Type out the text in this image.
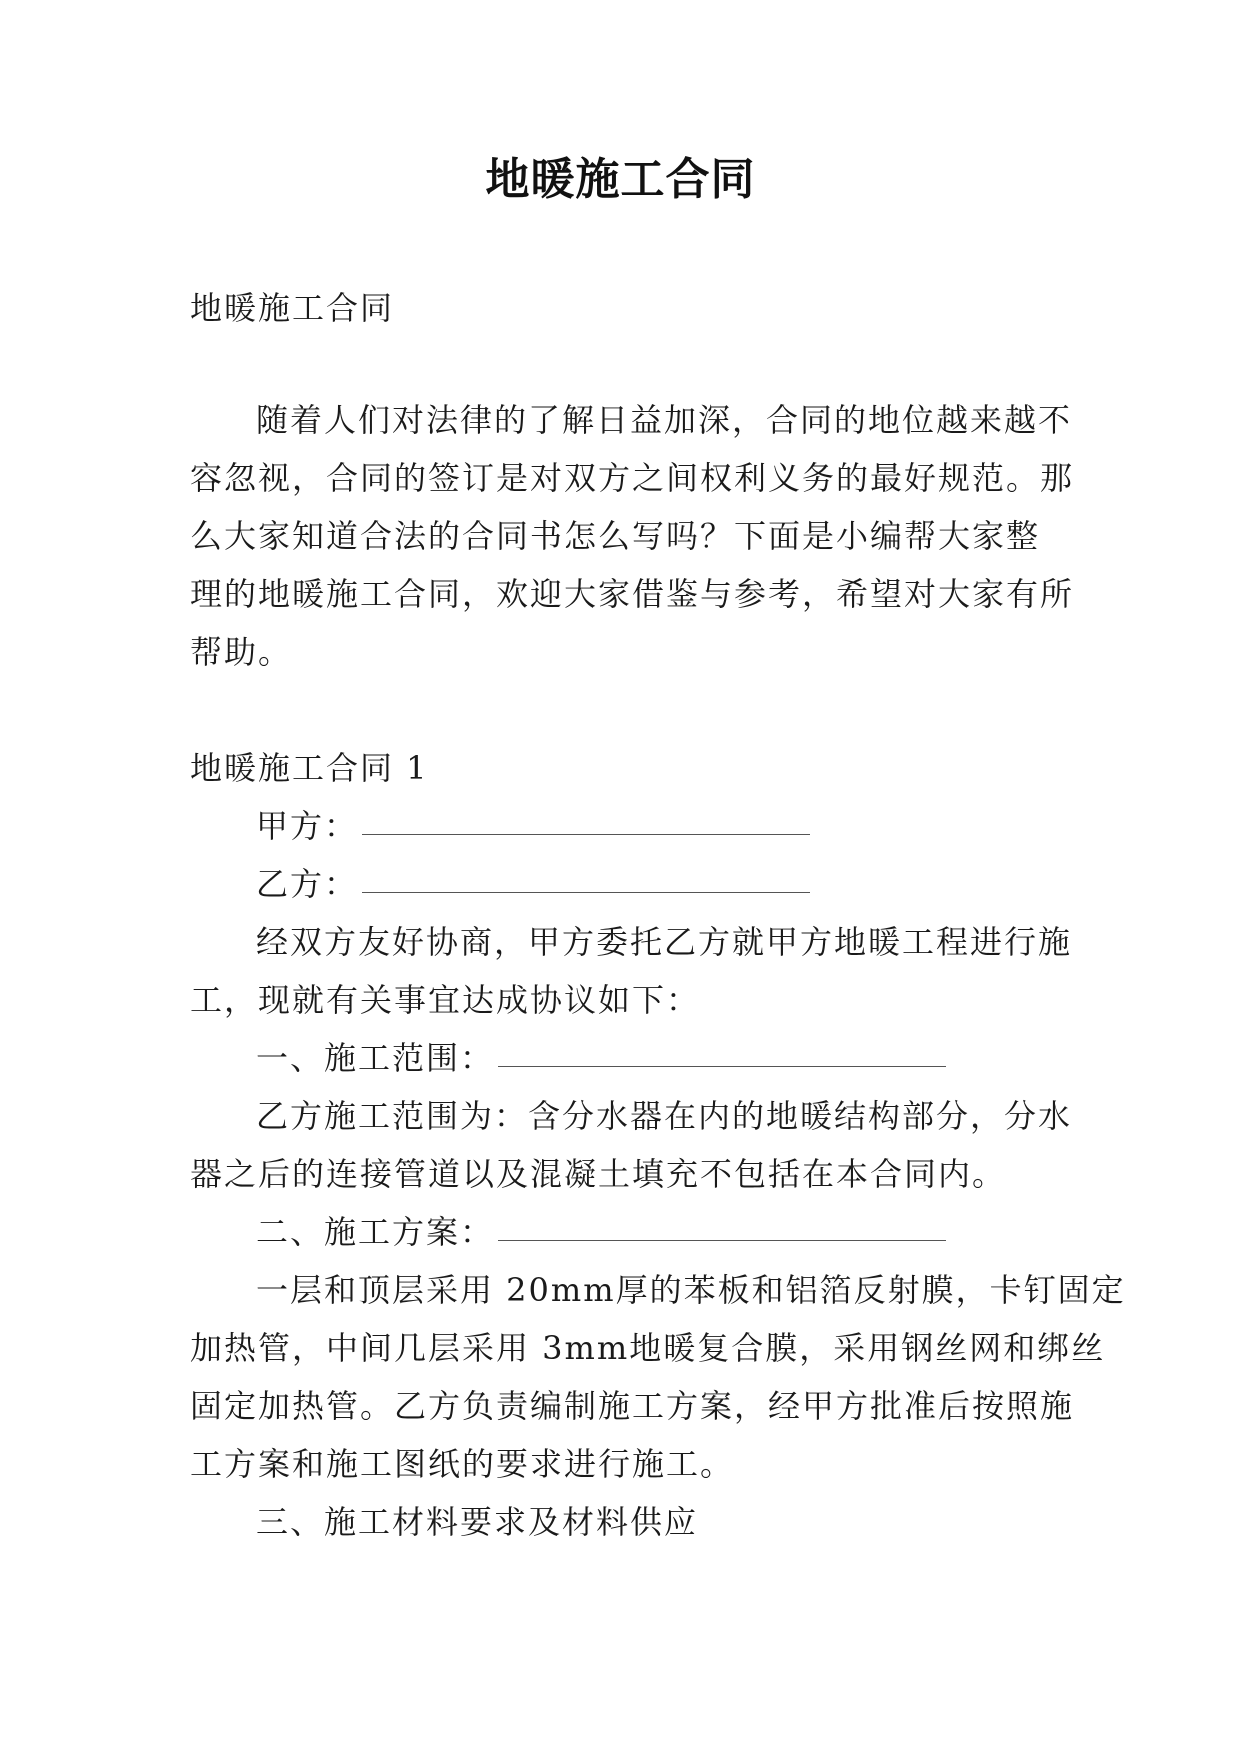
地暖施工合同
地暖施工合同
随着人们对法律的了解日益加深，合同的地位越来越不
容忽视，合同的签订是对双方之间权利义务的最好规范。那
么大家知道合法的合同书怎么写吗？下面是小编帮大家整
理的地暖施工合同，欢迎大家借鉴与参考，希望对大家有所
帮助。
地暖施工合同 1
甲方：
乙方：
经双方友好协商，甲方委托乙方就甲方地暖工程进行施
工，现就有关事宜达成协议如下：
一、施工范围：
乙方施工范围为：含分水器在内的地暖结构部分，分水
器之后的连接管道以及混凝土填充不包括在本合同内。
二、施工方案：
一层和顶层采用 20mm厚的苯板和铝箔反射膜，卡钉固定
加热管，中间几层采用 3mm地暖复合膜，采用钢丝网和绑丝
固定加热管。乙方负责编制施工方案，经甲方批准后按照施
工方案和施工图纸的要求进行施工。
三、施工材料要求及材料供应
